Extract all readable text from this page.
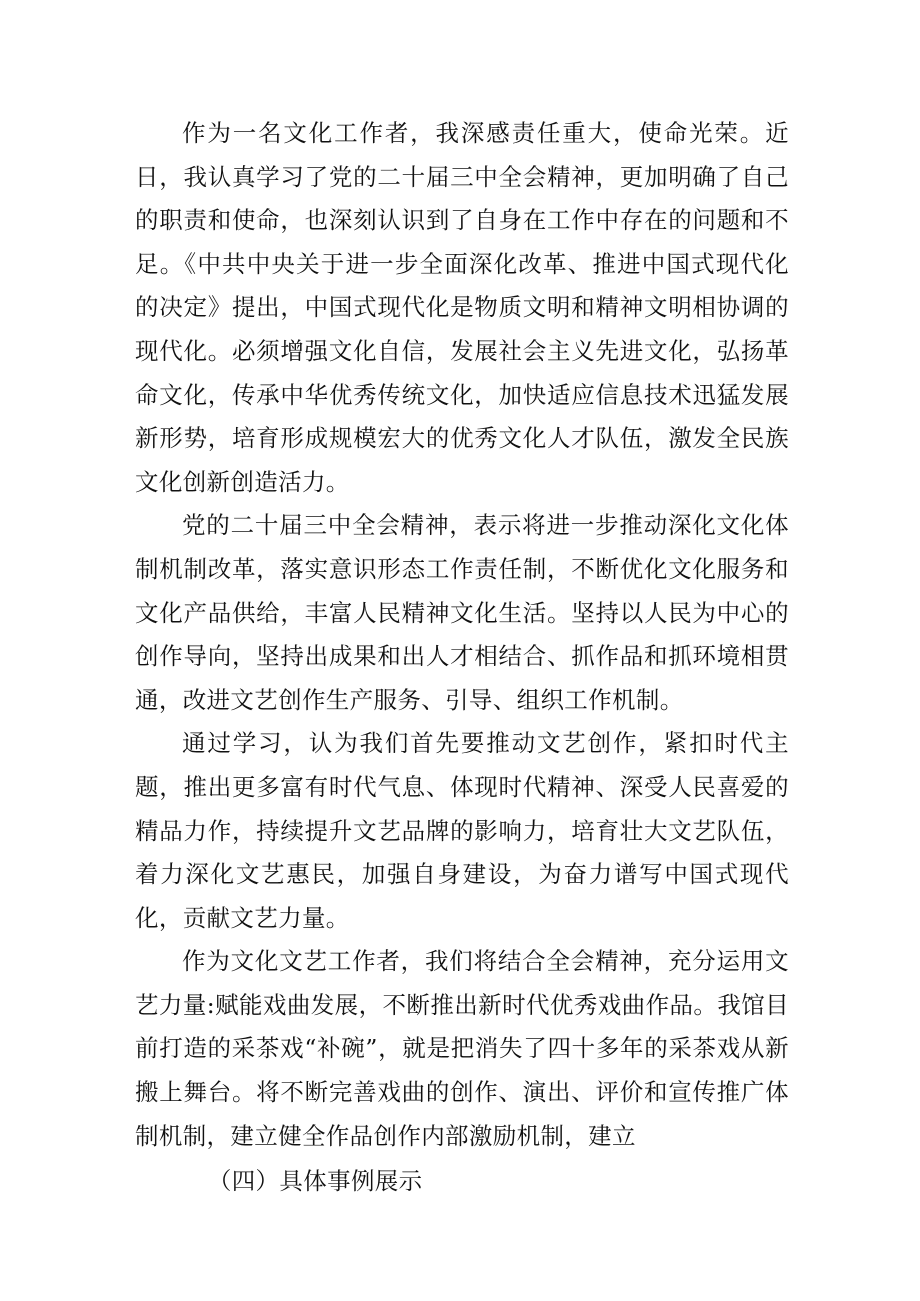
作为一名文化工作者，我深感责任重大，使命光荣。近日，我认真学习了党的二十届三中全会精神，更加明确了自己的职责和使命，也深刻认识到了自身在工作中存在的问题和不足。《中共中央关于进一步全面深化改革、推进中国式现代化的决定》提出，中国式现代化是物质文明和精神文明相协调的现代化。必须增强文化自信，发展社会主义先进文化，弘扬革命文化，传承中华优秀传统文化，加快适应信息技术迅猛发展新形势，培育形成规模宏大的优秀文化人才队伍，激发全民族文化创新创造活力。

党的二十届三中全会精神，表示将进一步推动深化文化体制机制改革，落实意识形态工作责任制，不断优化文化服务和文化产品供给，丰富人民精神文化生活。坚持以人民为中心的创作导向，坚持出成果和出人才相结合、抓作品和抓环境相贯通，改进文艺创作生产服务、引导、组织工作机制。

通过学习，认为我们首先要推动文艺创作，紧扣时代主题，推出更多富有时代气息、体现时代精神、深受人民喜爱的精品力作，持续提升文艺品牌的影响力，培育壮大文艺队伍，着力深化文艺惠民，加强自身建设，为奋力谱写中国式现代化，贡献文艺力量。

作为文化文艺工作者，我们将结合全会精神，充分运用文艺力量:赋能戏曲发展，不断推出新时代优秀戏曲作品。我馆目前打造的采茶戏“补碗”，就是把消失了四十多年的采茶戏从新搬上舞台。将不断完善戏曲的创作、演出、评价和宣传推广体制机制，建立健全作品创作内部激励机制，建立

（四）具体事例展示
